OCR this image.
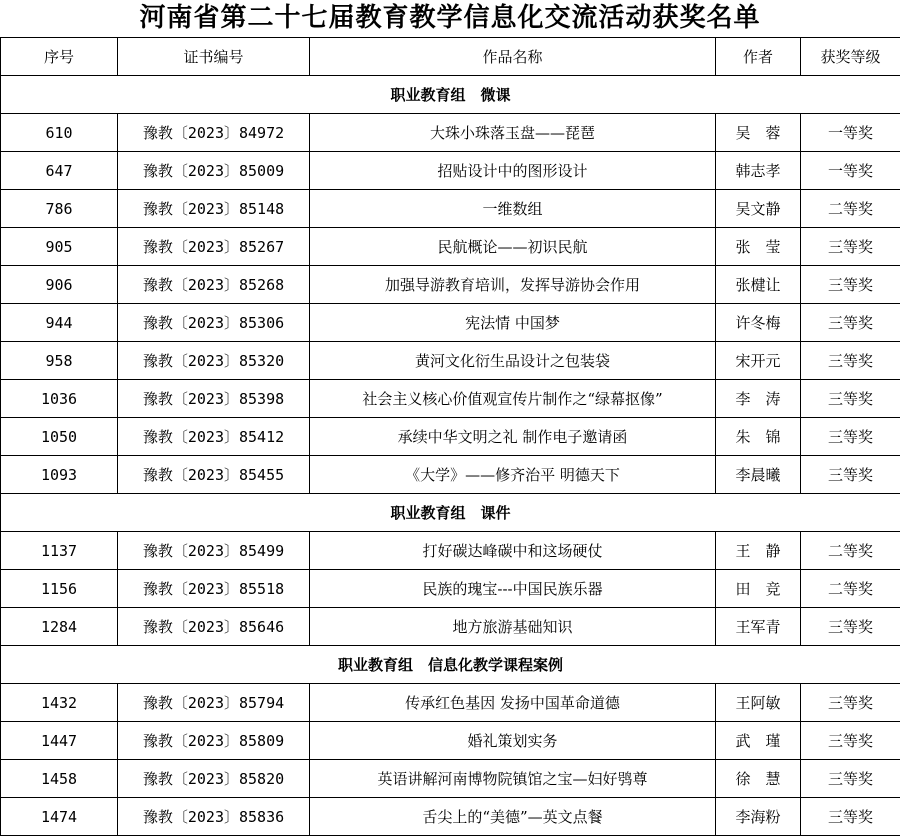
河南省第二十七届教育教学信息化交流活动获奖名单
序号	证书编号	作品名称	作者	获奖等级
职业教育组　微课				
610	豫教〔2023〕84972	大珠小珠落玉盘——琵琶	吴　蓉	一等奖
647	豫教〔2023〕85009	招贴设计中的图形设计	韩志孝	一等奖
786	豫教〔2023〕85148	一维数组	吴文静	二等奖
905	豫教〔2023〕85267	民航概论——初识民航	张　莹	三等奖
906	豫教〔2023〕85268	加强导游教育培训，发挥导游协会作用	张楗让	三等奖
944	豫教〔2023〕85306	宪法情 中国梦	许冬梅	三等奖
958	豫教〔2023〕85320	黄河文化衍生品设计之包装袋	宋开元	三等奖
1036	豫教〔2023〕85398	社会主义核心价值观宣传片制作之“绿幕抠像”	李　涛	三等奖
1050	豫教〔2023〕85412	承续中华文明之礼 制作电子邀请函	朱　锦	三等奖
1093	豫教〔2023〕85455	《大学》——修齐治平 明德天下	李晨曦	三等奖
职业教育组　课件				
1137	豫教〔2023〕85499	打好碳达峰碳中和这场硬仗	王　静	二等奖
1156	豫教〔2023〕85518	民族的瑰宝---中国民族乐器	田　竞	二等奖
1284	豫教〔2023〕85646	地方旅游基础知识	王军青	三等奖
职业教育组　信息化教学课程案例				
1432	豫教〔2023〕85794	传承红色基因 发扬中国革命道德	王阿敏	三等奖
1447	豫教〔2023〕85809	婚礼策划实务	武　瑾	三等奖
1458	豫教〔2023〕85820	英语讲解河南博物院镇馆之宝—妇好鸮尊	徐　慧	三等奖
1474	豫教〔2023〕85836	舌尖上的“美德”—英文点餐	李海粉	三等奖
